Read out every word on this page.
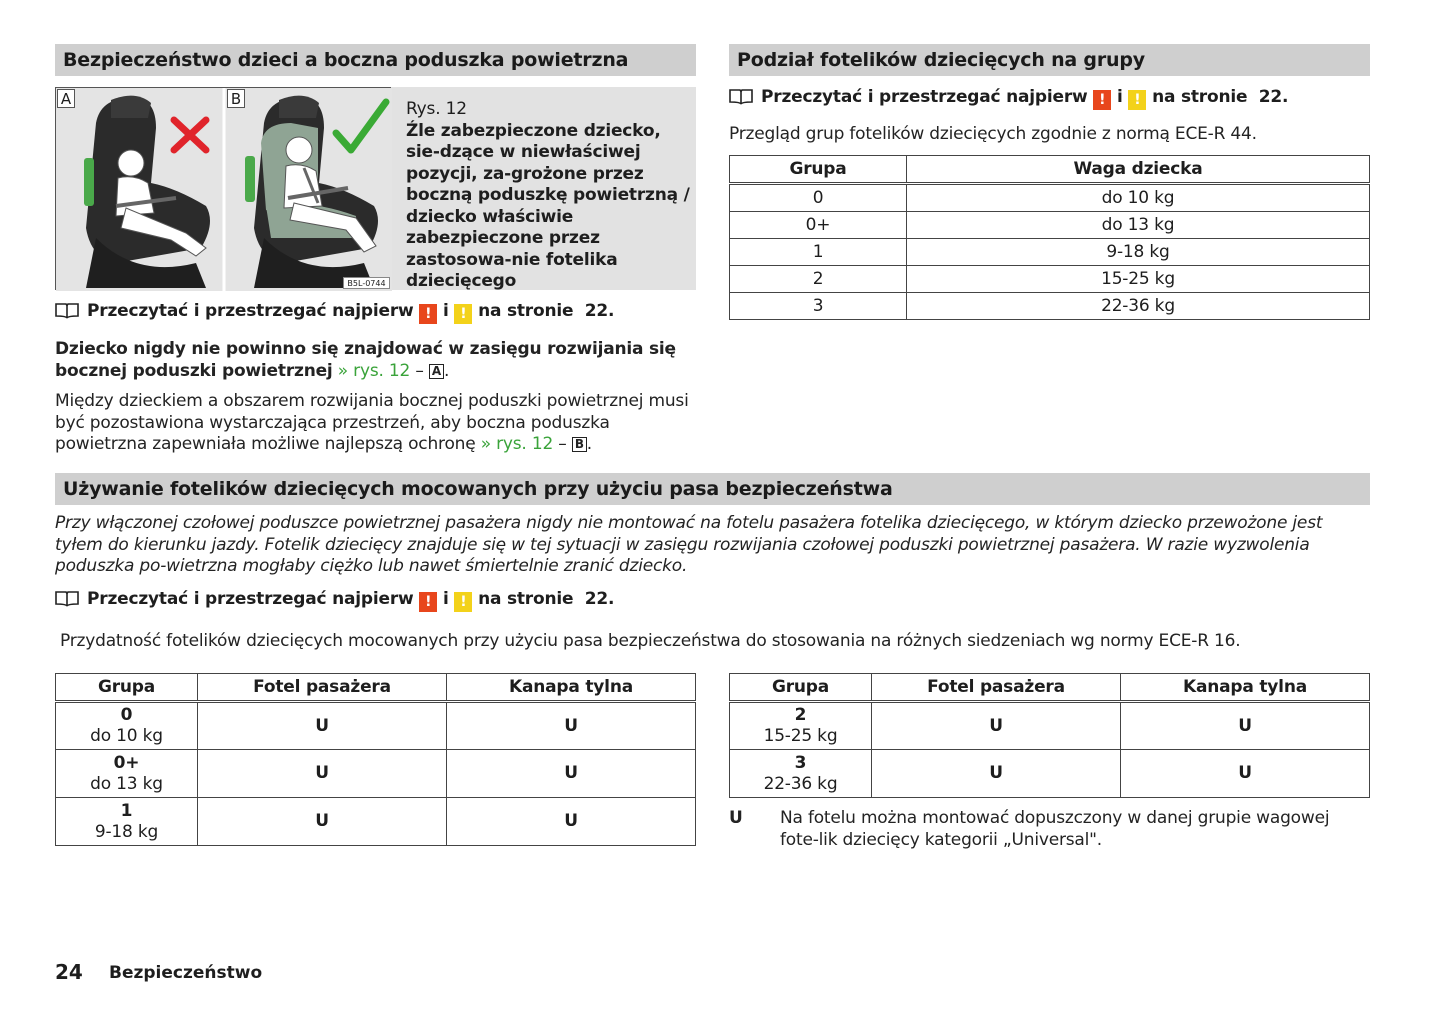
Bezpieczeństwo dzieci a boczna poduszka powietrzna
A	B
B5L-0744
Rys. 12
Źle zabezpieczone dziecko, sie-dzące w niewłaściwej pozycji, za-grożone przez boczną poduszkę powietrzną / dziecko właściwie zabezpieczone przez zastosowa-nie fotelika dziecięcego
Przeczytać i przestrzegać najpierw ! i ! na stronie 22.
Dziecko nigdy nie powinno się znajdować w zasięgu rozwijania się bocznej poduszki powietrznej » rys. 12 – A .
Między dzieckiem a obszarem rozwijania bocznej poduszki powietrznej musi być pozostawiona wystarczająca przestrzeń, aby boczna poduszka powietrzna zapewniała możliwe najlepszą ochronę » rys. 12 – B .
Podział fotelików dziecięcych na grupy
Przeczytać i przestrzegać najpierw ! i ! na stronie 22.
Przegląd grup fotelików dziecięcych zgodnie z normą ECE-R 44.
Grupa	Waga dziecka
0	do 10 kg
0+	do 13 kg
1	9-18 kg
2	15-25 kg
3	22-36 kg
Używanie fotelików dziecięcych mocowanych przy użyciu pasa bezpieczeństwa
Przy włączonej czołowej poduszce powietrznej pasażera nigdy nie montować na fotelu pasażera fotelika dziecięcego, w którym dziecko przewożone jest tyłem do kierunku jazdy. Fotelik dziecięcy znajduje się w tej sytuacji w zasięgu rozwijania czołowej poduszki powietrznej pasażera. W razie wyzwolenia poduszka po-wietrzna mogłaby ciężko lub nawet śmiertelnie zranić dziecko.
Przeczytać i przestrzegać najpierw ! i ! na stronie 22.
Przydatność fotelików dziecięcych mocowanych przy użyciu pasa bezpieczeństwa do stosowania na różnych siedzeniach wg normy ECE-R 16.
Grupa	Fotel pasażera	Kanapa tylna

0
do 10 kg	U	U

0+
do 13 kg	U	U

1
9-18 kg	U	U
Grupa	Fotel pasażera	Kanapa tylna

2
15-25 kg	U	U

3
22-36 kg	U	U
U Na fotelu można montować dopuszczony w danej grupie wagowej fote-lik dziecięcy kategorii „Universal".
24 Bezpieczeństwo
